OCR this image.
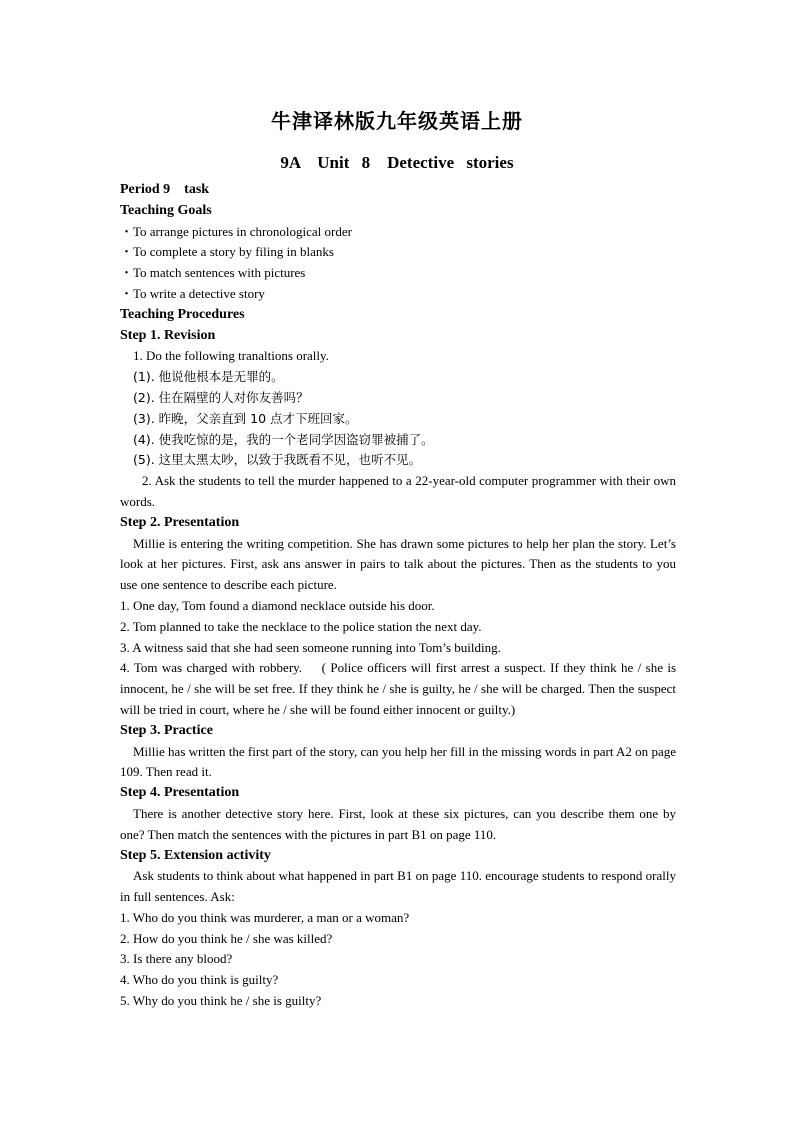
牛津译林版九年级英语上册
9A　Unit 8　Detective stories
Period 9　task
Teaching Goals
・To arrange pictures in chronological order
・To complete a story by filing in blanks
・To match sentences with pictures
・To write a detective story
Teaching Procedures
Step 1. Revision
1. Do the following tranaltions orally.
(1). 他说他根本是无罪的。
(2). 住在隔壁的人对你友善吗？
(3). 昨晚，父亲直到 10 点才下班回家。
(4). 使我吃惊的是，我的一个老同学因盗窃罪被捕了。
(5). 这里太黑太吵，以致于我既看不见，也听不见。
2. Ask the students to tell the murder happened to a 22-year-old computer programmer with their own words.
Step 2. Presentation
Millie is entering the writing competition. She has drawn some pictures to help her plan the story. Let’s look at her pictures. First, ask ans answer in pairs to talk about the pictures. Then as the students to you use one sentence to describe each picture.
1. One day, Tom found a diamond necklace outside his door.
2. Tom planned to take the necklace to the police station the next day.
3. A witness said that she had seen someone running into Tom’s building.
4. Tom was charged with robbery.　 ( Police officers will first arrest a suspect. If they think he / she is innocent, he / she will be set free. If they think he / she is guilty, he / she will be charged. Then the suspect will be tried in court, where he / she will be found either innocent or guilty.)
Step 3. Practice
Millie has written the first part of the story, can you help her fill in the missing words in part A2 on page 109. Then read it.
Step 4. Presentation
There is another detective story here. First, look at these six pictures, can you describe them one by one? Then match the sentences with the pictures in part B1 on page 110.
Step 5. Extension activity
Ask students to think about what happened in part B1 on page 110. encourage students to respond orally in full sentences. Ask:
1. Who do you think was murderer, a man or a woman?
2. How do you think he / she was killed?
3. Is there any blood?
4. Who do you think is guilty?
5. Why do you think he / she is guilty?
